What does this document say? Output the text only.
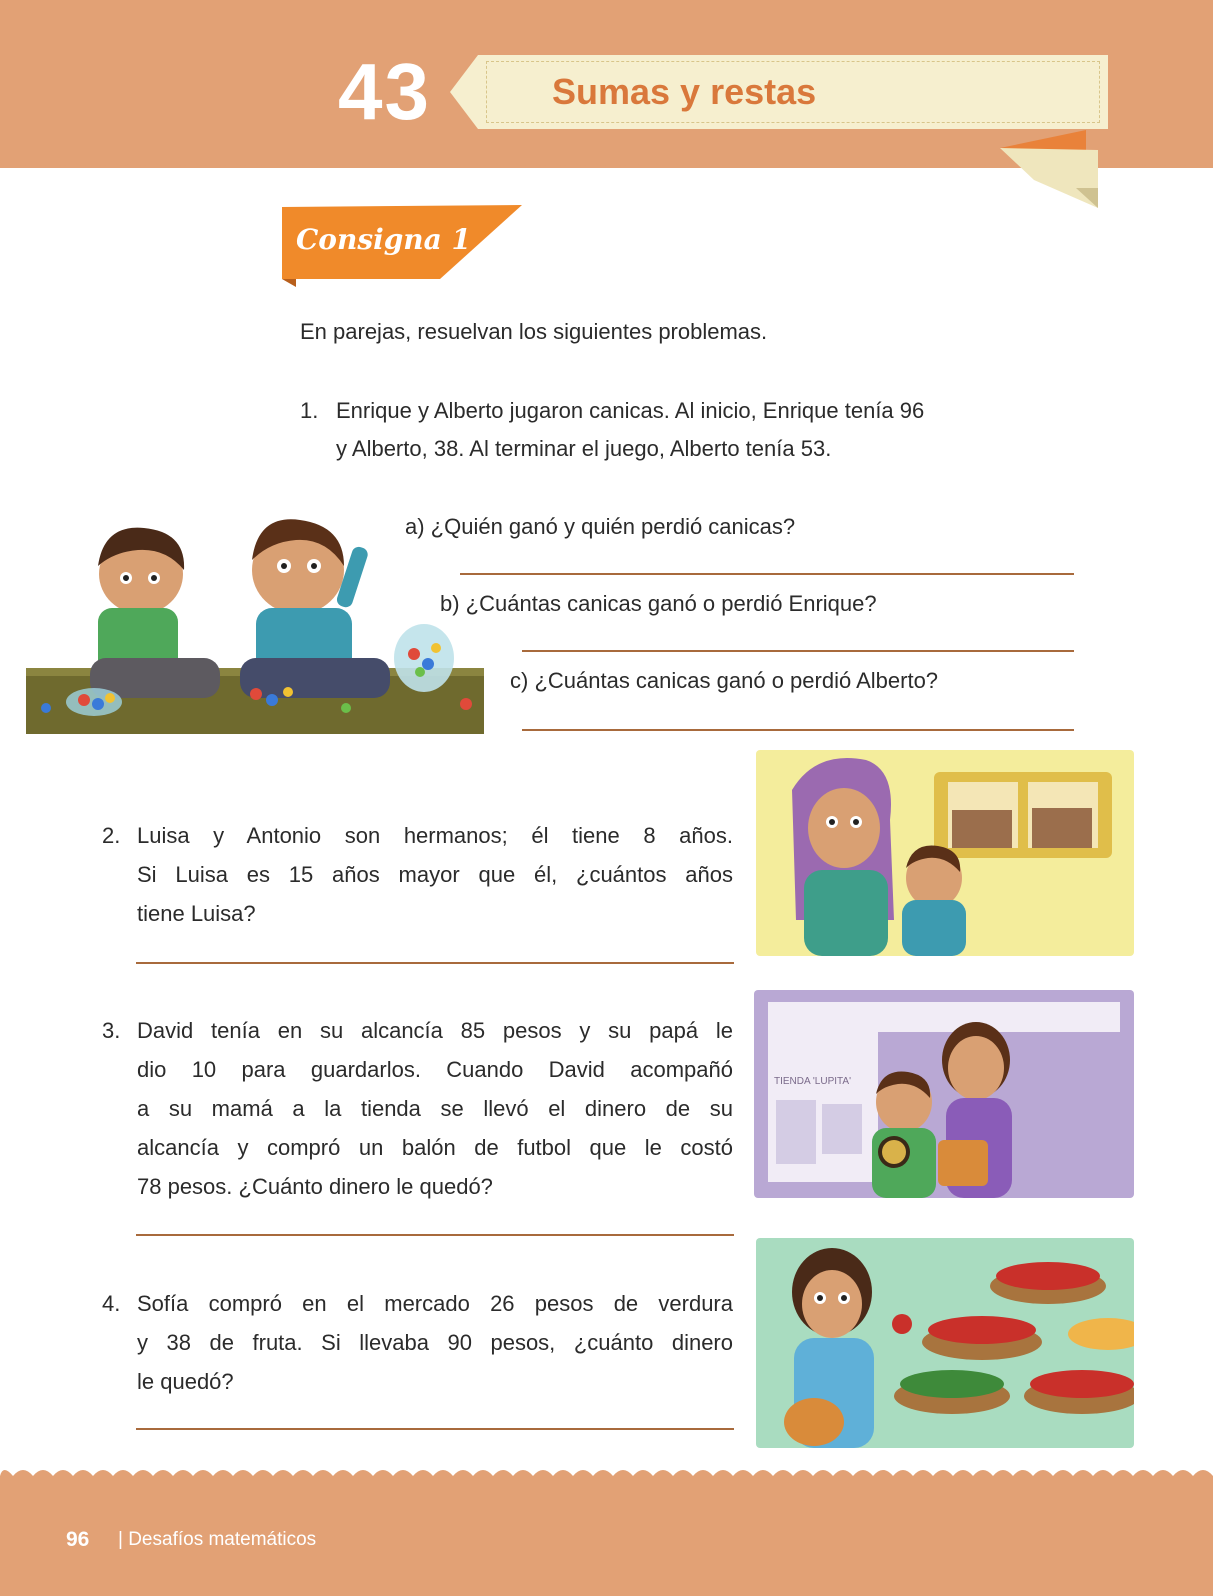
43	Sumas y restas
Consigna 1
En parejas, resuelvan los siguientes problemas.
1. Enrique y Alberto jugaron canicas. Al inicio, Enrique tenía 96
y Alberto, 38. Al terminar el juego, Alberto tenía 53.
a) ¿Quién ganó y quién perdió canicas?
b) ¿Cuántas canicas ganó o perdió Enrique?
c) ¿Cuántas canicas ganó o perdió Alberto?
2. Luisa y Antonio son hermanos; él tiene 8 años.
Si Luisa es 15 años mayor que él, ¿cuántos años
tiene Luisa?
3. David tenía en su alcancía 85 pesos y su papá le
dio 10 para guardarlos. Cuando David acompañó
a su mamá a la tienda se llevó el dinero de su
alcancía y compró un balón de futbol que le costó
78 pesos. ¿Cuánto dinero le quedó?
TIENDA 'LUPITA'
4. Sofía compró en el mercado 26 pesos de verdura
y 38 de fruta. Si llevaba 90 pesos, ¿cuánto dinero
le quedó?
96 | Desafíos matemáticos
